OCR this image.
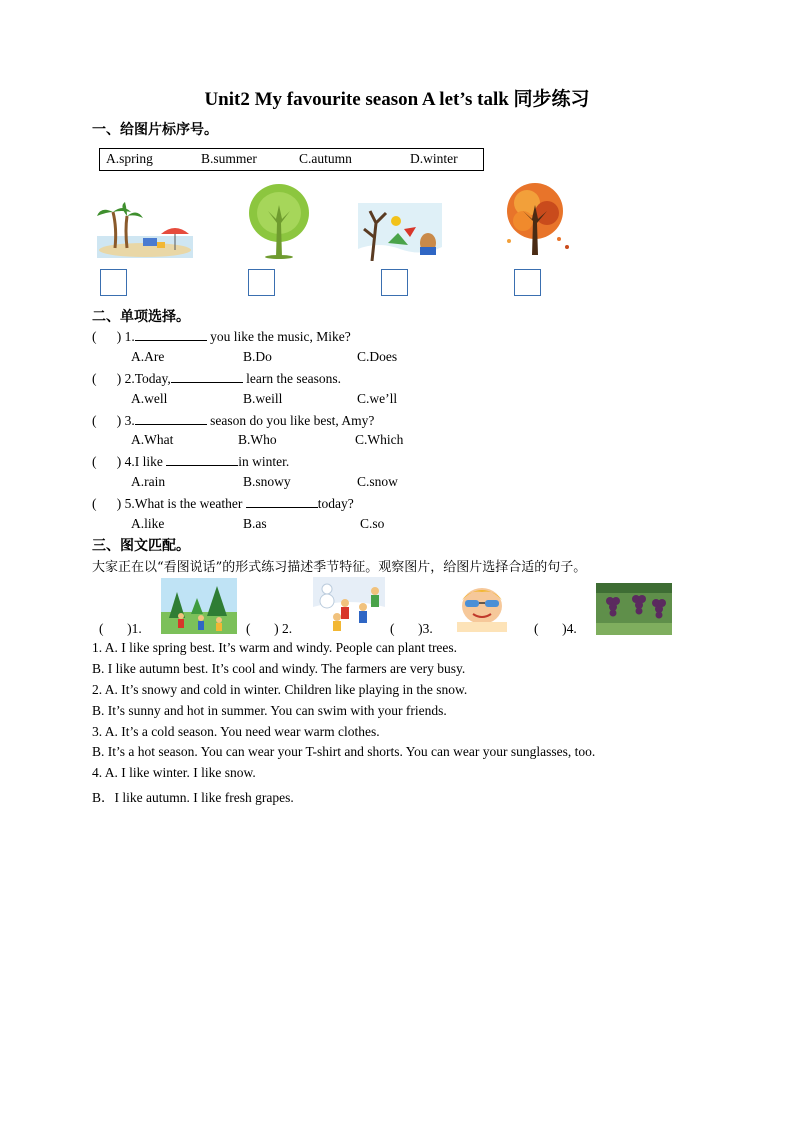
Unit2 My favourite season A let’s talk 同步练习
一、给图片标序号。
A.spring	B.summer	C.autumn	D.winter
二、单项选择。
(      ) 1.	you like the music, Mike?
A.Are	B.Do	C.Does
(      ) 2.Today,	learn the seasons.
A.well	B.weill	C.we’ll
(      ) 3.	season do you like best, Amy?
A.What	B.Who	C.Which
(      ) 4.I like	in winter.
A.rain	B.snowy	C.snow
(      ) 5.What is the weather	today?
A.like	B.as	C.so
三、图文匹配。
大家正在以“看图说话”的形式练习描述季节特征。观察图片，给图片选择合适的句子。
(       )1.	(       ) 2.	(       )3.	(       )4.
1. A. I like spring best. It’s warm and windy. People can plant trees.
B. I like autumn best. It’s cool and windy. The farmers are very busy.
2. A. It’s snowy and cold in winter. Children like playing in the snow.
B. It’s sunny and hot in summer. You can swim with your friends.
3. A. It’s a cold season. You need wear warm clothes.
B. It’s a hot season. You can wear your T-shirt and shorts. You can wear your sunglasses, too.
4. A. I like winter. I like snow.
B．I like autumn. I like fresh grapes.
